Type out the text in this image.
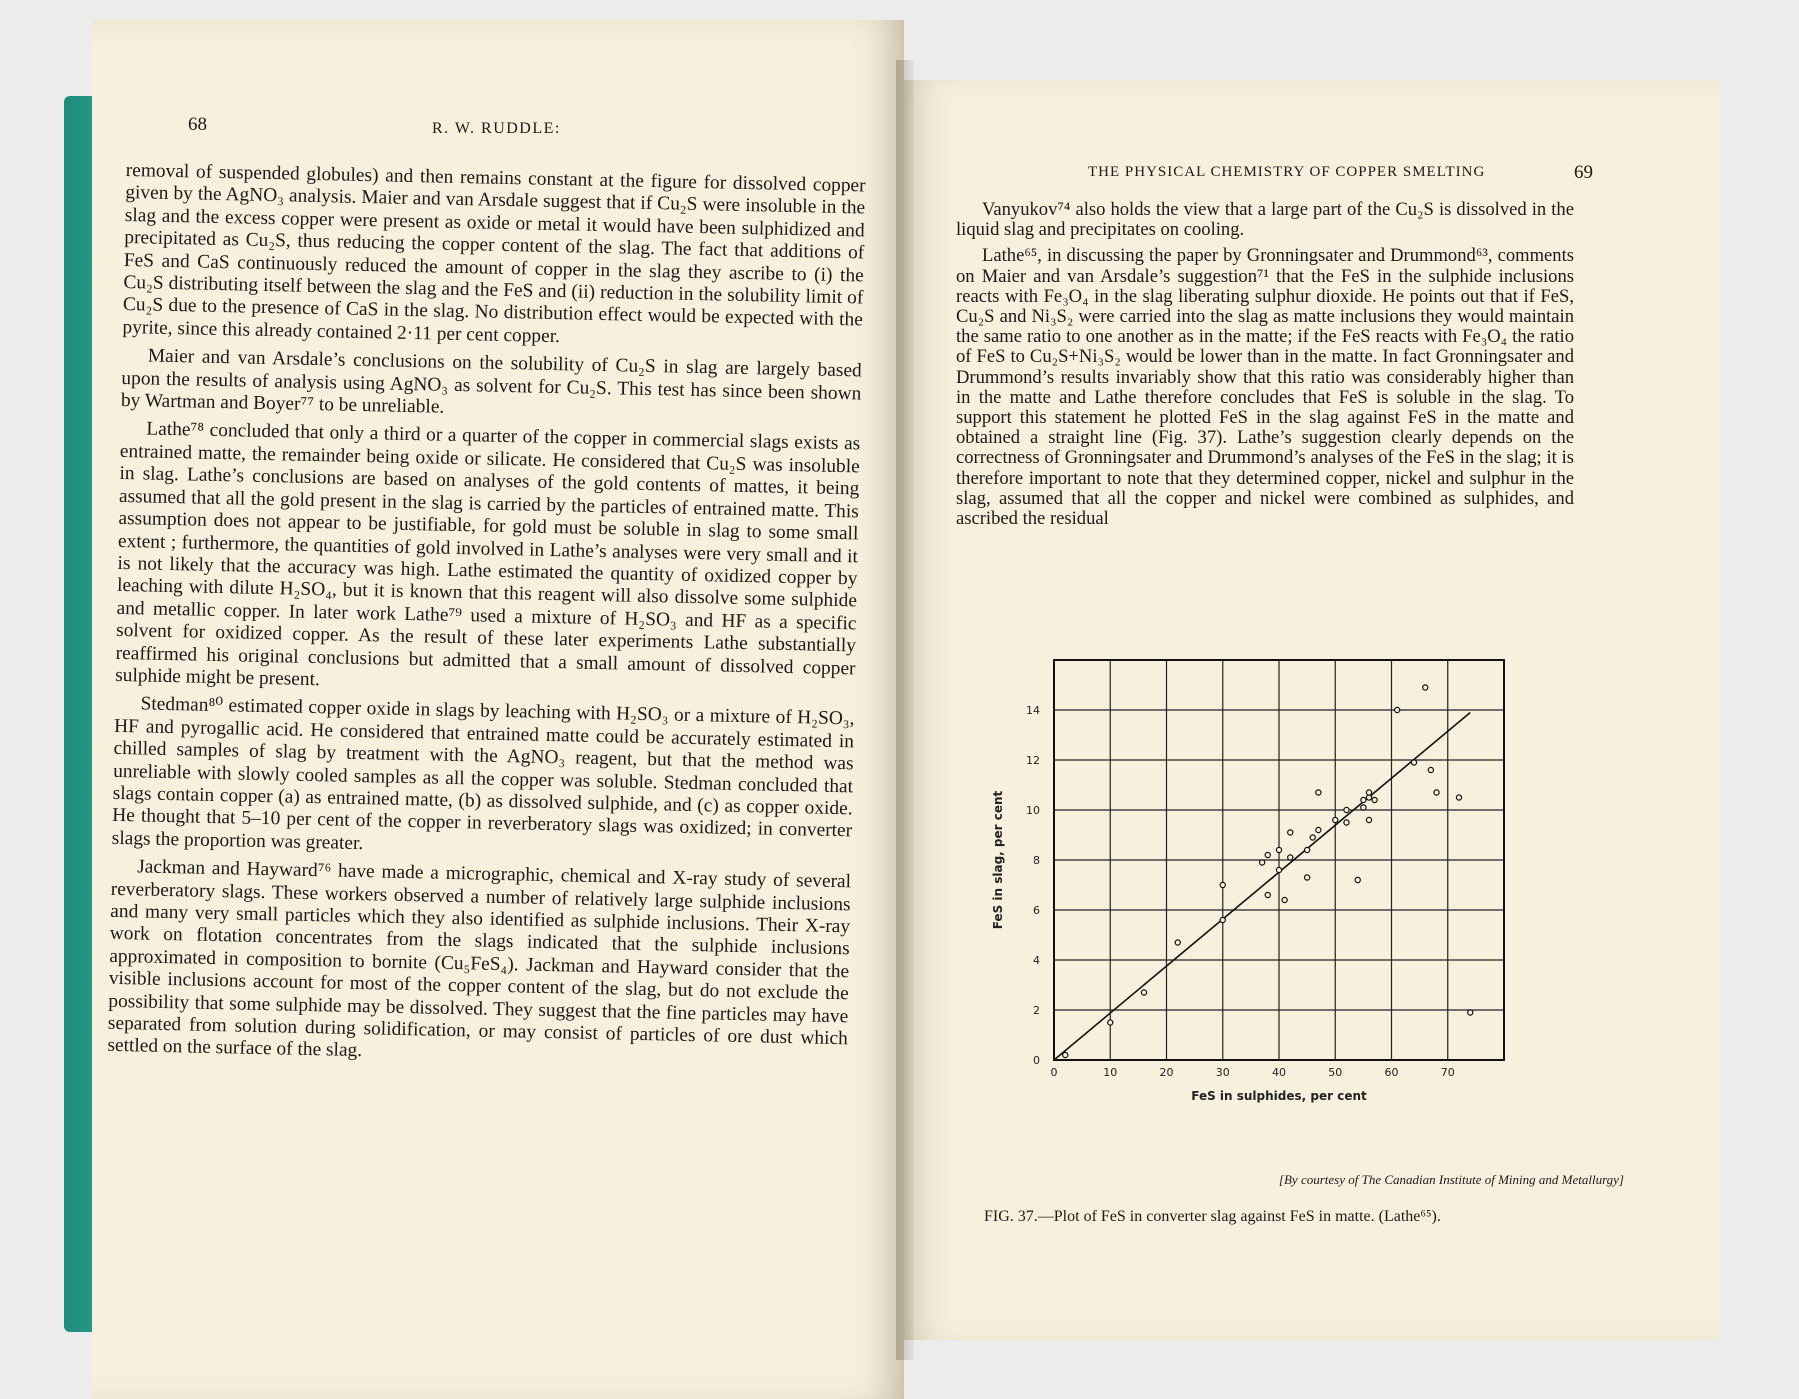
68	R. W. RUDDLE:
THE PHYSICAL CHEMISTRY OF COPPER SMELTING	69

Vanyukov⁷⁴ also holds the view that a large part of the Cu₂S is dissolved in the liquid slag and precipitates on cooling.

Lathe⁶⁵, in discussing the paper by Gronningsater and Drummond⁶³, comments on Maier and van Arsdale’s suggestion⁷¹ that the FeS in the sulphide inclusions reacts with Fe₃O₄ in the slag liberating sulphur dioxide. He points out that if FeS, Cu₂S and Ni₃S₂ were carried into the slag as matte inclusions they would maintain the same ratio to one another as in the matte; if the FeS reacts with Fe₃O₄ the ratio of FeS to Cu₂S+Ni₃S₂ would be lower than in the matte. In fact Gronningsater and Drummond’s results invariably show that this ratio was considerably higher than in the matte and Lathe therefore concludes that FeS is soluble in the slag. To support this statement he plotted FeS in the slag against FeS in the matte and obtained a straight line (Fig. 37). Lathe’s suggestion clearly depends on the correctness of Gronningsater and Drummond’s analyses of the FeS in the slag; it is therefore important to note that they determined copper, nickel and sulphur in the slag, assumed that all the copper and nickel were combined as sulphides, and ascribed the residual

0	10	20	30	40	50	60	70
0
2
4
6
8
10
12
14
FeS in sulphides, per cent
FeS in slag, per cent
[By courtesy of The Canadian Institute of Mining and Metallurgy]
FIG. 37.—Plot of FeS in converter slag against FeS in matte. (Lathe⁶⁵).

removal of suspended globules) and then remains constant at the figure for dissolved copper given by the AgNO₃ analysis. Maier and van Arsdale suggest that if Cu₂S were insoluble in the slag and the excess copper were present as oxide or metal it would have been sulphidized and precipitated as Cu₂S, thus reducing the copper content of the slag. The fact that additions of FeS and CaS continuously reduced the amount of copper in the slag they ascribe to (i) the Cu₂S distributing itself between the slag and the FeS and (ii) reduction in the solubility limit of Cu₂S due to the presence of CaS in the slag. No distribution effect would be expected with the pyrite, since this already contained 2·11 per cent copper.

Maier and van Arsdale’s conclusions on the solubility of Cu₂S in slag are largely based upon the results of analysis using AgNO₃ as solvent for Cu₂S. This test has since been shown by Wartman and Boyer⁷⁷ to be unreliable.

Lathe⁷⁸ concluded that only a third or a quarter of the copper in commercial slags exists as entrained matte, the remainder being oxide or silicate. He considered that Cu₂S was insoluble in slag. Lathe’s conclusions are based on analyses of the gold contents of mattes, it being assumed that all the gold present in the slag is carried by the particles of entrained matte. This assumption does not appear to be justifiable, for gold must be soluble in slag to some small extent ; furthermore, the quantities of gold involved in Lathe’s analyses were very small and it is not likely that the accuracy was high. Lathe estimated the quantity of oxidized copper by leaching with dilute H₂SO₄, but it is known that this reagent will also dissolve some sulphide and metallic copper. In later work Lathe⁷⁹ used a mixture of H₂SO₃ and HF as a specific solvent for oxidized copper. As the result of these later experiments Lathe substantially reaffirmed his original conclusions but admitted that a small amount of dissolved copper sulphide might be present.

Stedman⁸⁰ estimated copper oxide in slags by leaching with H₂SO₃ or a mixture of H₂SO₃, HF and pyrogallic acid. He considered that entrained matte could be accurately estimated in chilled samples of slag by treatment with the AgNO₃ reagent, but that the method was unreliable with slowly cooled samples as all the copper was soluble. Stedman concluded that slags contain copper (a) as entrained matte, (b) as dissolved sulphide, and (c) as copper oxide. He thought that 5–10 per cent of the copper in reverberatory slags was oxidized; in converter slags the proportion was greater.

Jackman and Hayward⁷⁶ have made a micrographic, chemical and X-ray study of several reverberatory slags. These workers observed a number of relatively large sulphide inclusions and many very small particles which they also identified as sulphide inclusions. Their X-ray work on flotation concentrates from the slags indicated that the sulphide inclusions approximated in composition to bornite (Cu₅FeS₄). Jackman and Hayward consider that the visible inclusions account for most of the copper content of the slag, but do not exclude the possibility that some sulphide may be dissolved. They suggest that the fine particles may have separated from solution during solidification, or may consist of particles of ore dust which settled on the surface of the slag.
